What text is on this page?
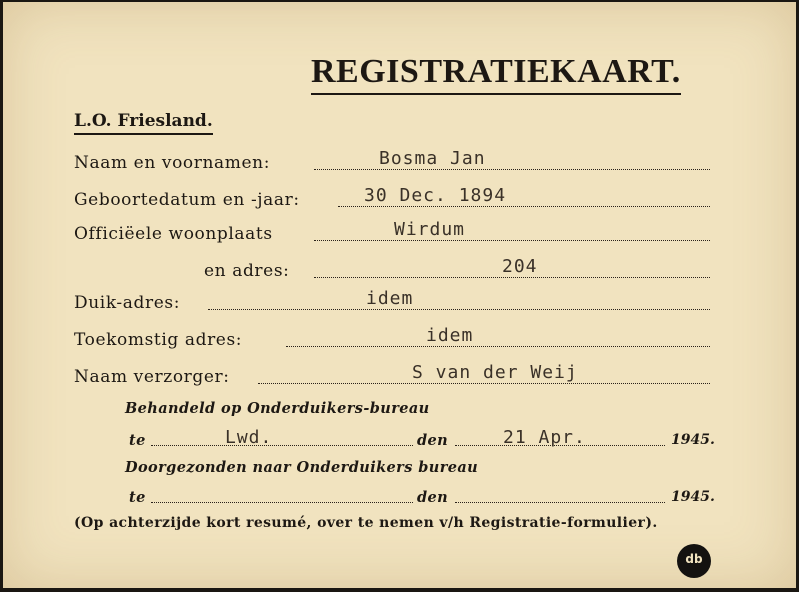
REGISTRATIEKAART.
L.O. Friesland.
Naam en voornamen:	Bosma Jan
Geboortedatum en -jaar:	30 Dec. 1894
Officiëele woonplaats	Wirdum
en adres:	204
Duik-adres:	idem
Toekomstig adres:	idem
Naam verzorger:	S van der Weij
Behandeld op Onderduikers-bureau
te	Lwd.	den	21 Apr.	1945.
Doorgezonden naar Onderduikers bureau
te	den	1945.
(Op achterzijde kort resumé, over te nemen v/h Registratie-formulier).
db
